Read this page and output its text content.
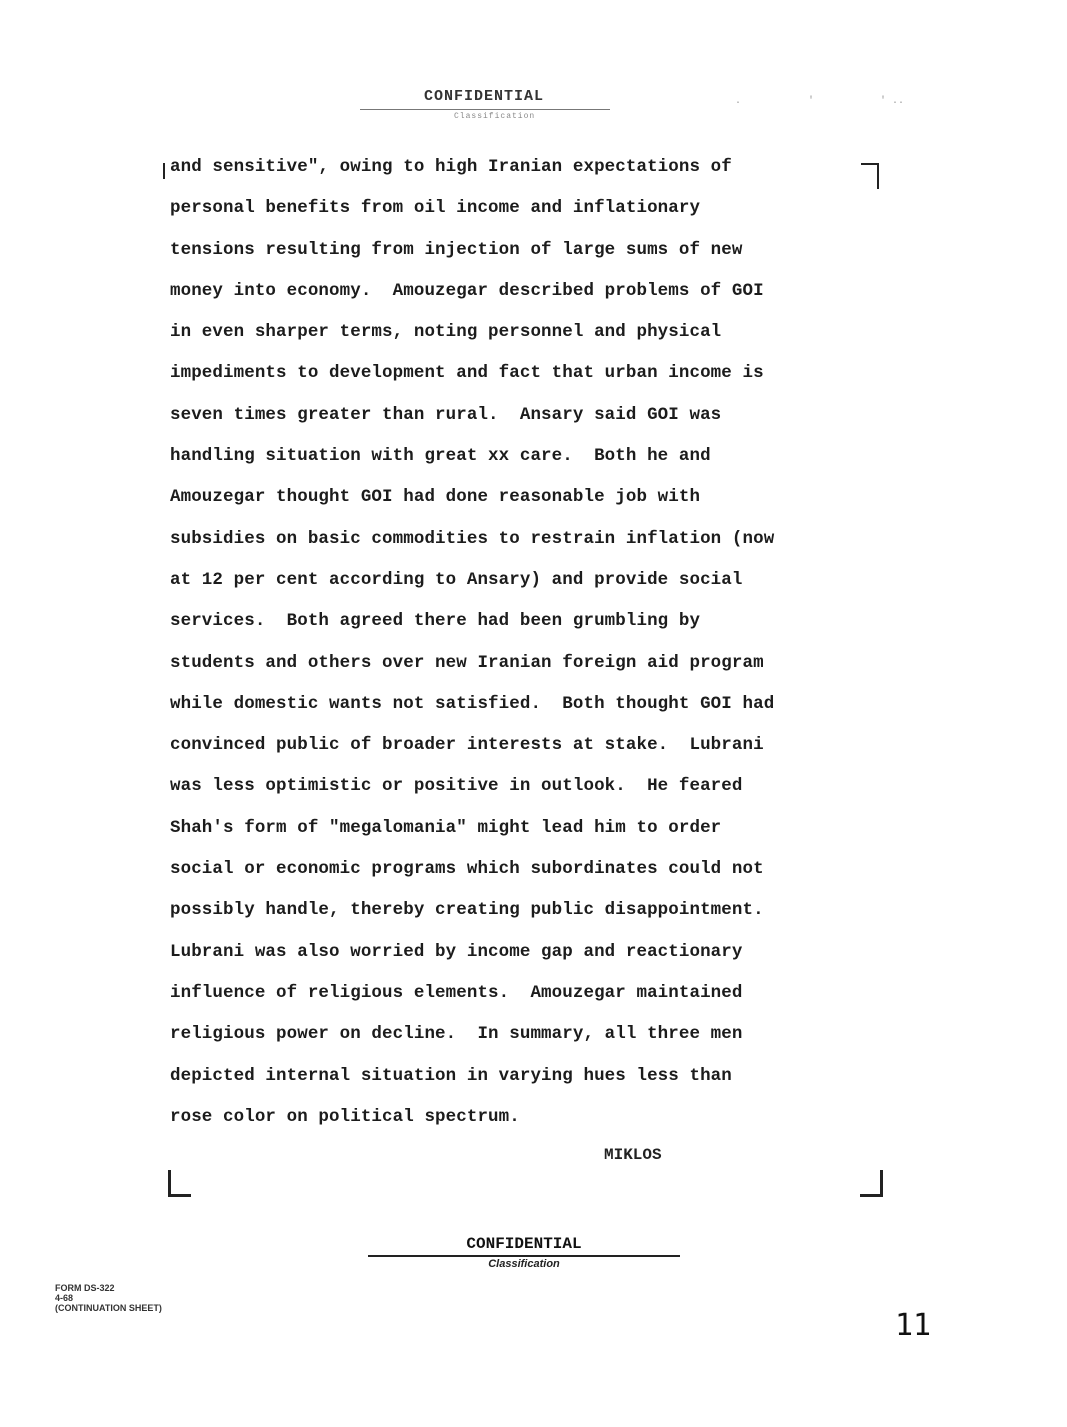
CONFIDENTIAL
Classification
.	'	' ..
and sensitive", owing to high Iranian expectations of
personal benefits from oil income and inflationary
tensions resulting from injection of large sums of new
money into economy.  Amouzegar described problems of GOI
in even sharper terms, noting personnel and physical
impediments to development and fact that urban income is
seven times greater than rural.  Ansary said GOI was
handling situation with great xx care.  Both he and
Amouzegar thought GOI had done reasonable job with
subsidies on basic commodities to restrain inflation (now
at 12 per cent according to Ansary) and provide social
services.  Both agreed there had been grumbling by
students and others over new Iranian foreign aid program
while domestic wants not satisfied.  Both thought GOI had
convinced public of broader interests at stake.  Lubrani
was less optimistic or positive in outlook.  He feared
Shah's form of "megalomania" might lead him to order
social or economic programs which subordinates could not
possibly handle, thereby creating public disappointment.
Lubrani was also worried by income gap and reactionary
influence of religious elements.  Amouzegar maintained
religious power on decline.  In summary, all three men
depicted internal situation in varying hues less than
rose color on political spectrum.
MIKLOS
CONFIDENTIAL
Classification
FORM DS-322
4-68
(CONTINUATION SHEET)	11
